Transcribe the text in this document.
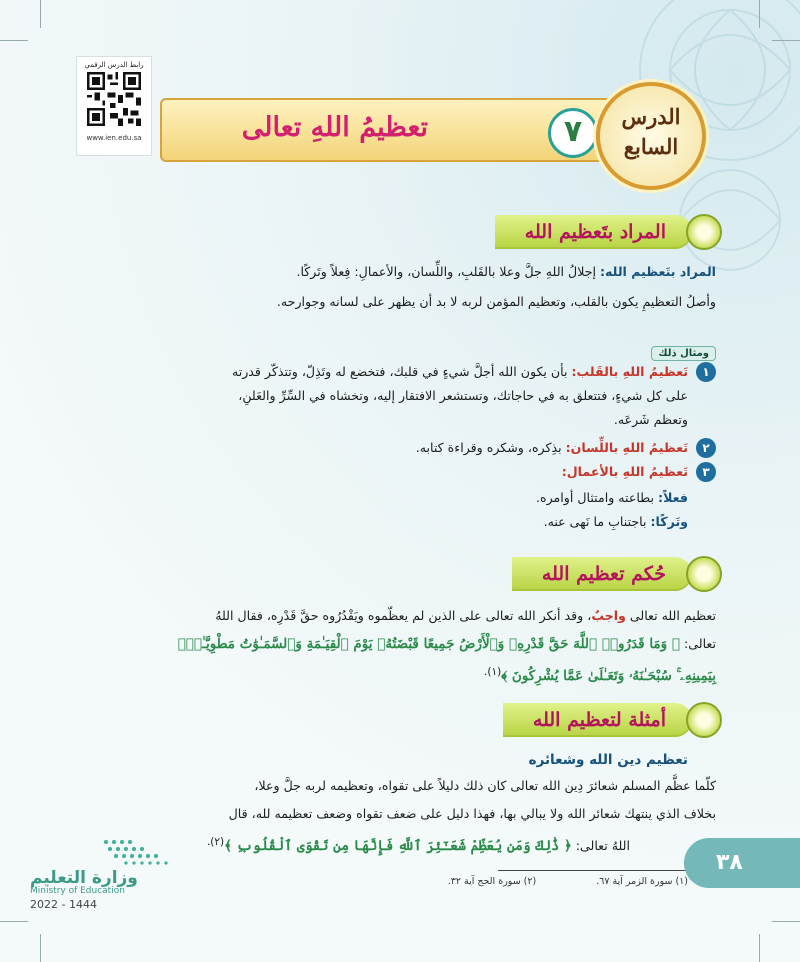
رابط الدرس الرقمي
www.ien.edu.sa	تعظيمُ اللهِ تعالى	٧	الدرس
السابع
المراد بتَعظيم الله
المراد بتَعظيم الله: إجلالُ اللهِ جلَّ وعلا بالقَلبِ، واللِّسان، والأعمالِ: فِعلاً وتَركًا.
وأصلُ التعظيمِ يكون بالقلب، وتعظيم المؤمن لربه لا بد أن يظهر على لسانه وجوارحه.
ومثال ذلك
١
تَعظيمُ اللهِ بالقَلب: بأن يكون الله أجلَّ شيءٍ في قلبك، فتخضع له وتَذِلّ، وتتذكّر قدرته
على كل شيءٍ، فتتعلق به في حاجاتك، وتستشعر الافتقار إليه، وتخشاه في السِّرِّ والعَلنِ،
وتعظم شَرعَه.
٢
تَعظيمُ اللهِ باللِّسان: بذِكره، وشكره وقراءة كتابه.
٣
تَعظيمُ اللهِ بالأعمال:
فعلاً: بطاعته وامتثال أوامره.
وتَركًا: باجتنابِ ما نَهى عنه.
حُكم تعظيم الله
تعظيم الله تعالى واجبٌ، وقد أنكر الله تعالى على الذين لم يعظّموه ويَقْدُرُوه حقَّ قَدْرِه، فقال اللهُ
تعالى: ﴿ وَمَا قَدَرُوا۟ ٱللَّهَ حَقَّ قَدْرِهِۦ وَٱلْأَرْضُ جَمِيعًا قَبْضَتُهُۥ يَوْمَ ٱلْقِيَـٰمَةِ وَٱلسَّمَـٰوَٰتُ مَطْوِيَّـٰتٌۢ
بِيَمِينِهِۦ ۚ سُبْحَـٰنَهُۥ وَتَعَـٰلَىٰ عَمَّا يُشْرِكُونَ ﴾$^{(١).}$
أمثلة لتعظيم الله
تعظيم دين الله وشعائره
كلّما عظَّم المسلم شعائرَ دِين الله تعالى كان ذلك دليلاً على تقواه، وتعظيمه لربه جلَّ وعلا،
بخلاف الذي ينتهك شعائر الله ولا يبالي بها، فهذا دليل على ضعف تقواه وضعف تعظيمه لله، قال
اللهُ تعالى: ﴿ ذَٰلِكَ وَمَن يُعَظِّمْ شَعَـٰٓئِرَ ٱللَّهِ فَإِنَّهَا مِن تَقْوَى ٱلْقُلُوبِ ﴾$^{(٢).}$
(١) سورة الزمر آية ٦٧.(٢) سورة الحج آية ٣٢.
٣٨
وزارة التعليم
Ministry of Education
2022 - 1444
